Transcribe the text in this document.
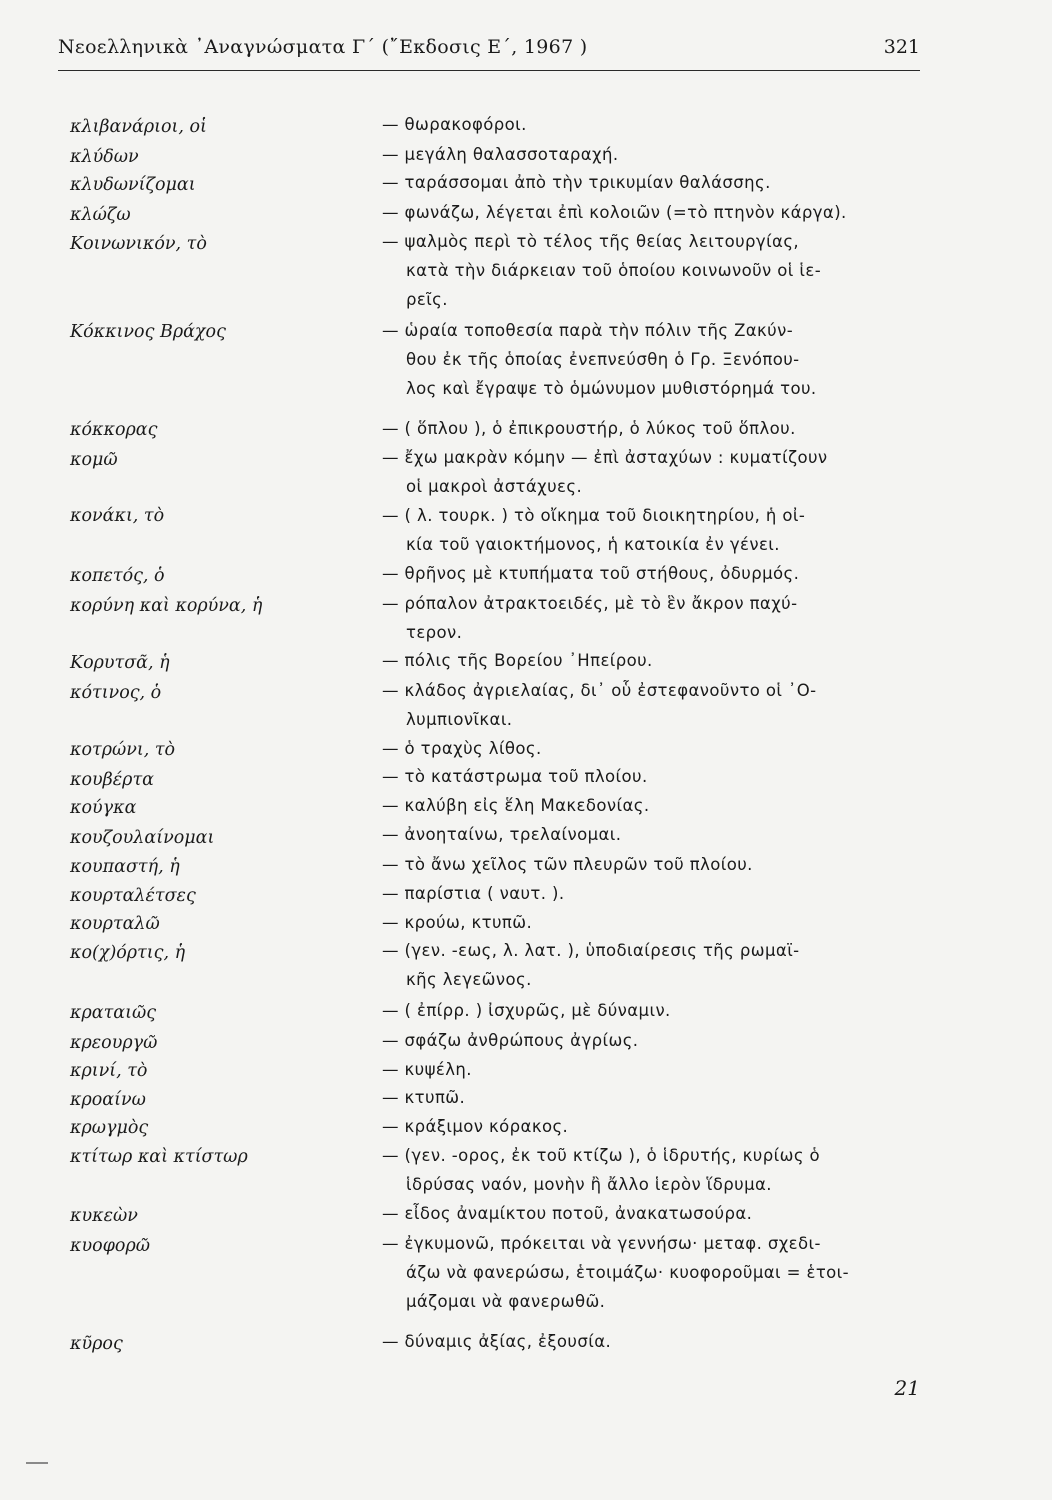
Νεοελληνικὰ ᾿Αναγνώσματα Γ΄ (῎Εκδοσις Ε΄, 1967 )	321
κλιβανάριοι, οἱ	— θωρακοφόροι.
κλύδων	— μεγάλη θαλασσοταραχή.
κλυδωνίζομαι	— ταράσσομαι ἀπὸ τὴν τρικυμίαν θαλάσσης.
κλώζω	— φωνάζω, λέγεται ἐπὶ κολοιῶν (=τὸ πτηνὸν κάργα).
Κοινωνικόν, τὸ	— ψαλμὸς περὶ τὸ τέλος τῆς θείας λειτουργίας,
κατὰ τὴν διάρκειαν τοῦ ὁποίου κοινωνοῦν οἱ ἱε-
ρεῖς.
Κόκκινος Βράχος	— ὡραία τοποθεσία παρὰ τὴν πόλιν τῆς Ζακύν-
θου ἐκ τῆς ὁποίας ἐνεπνεύσθη ὁ Γρ. Ξενόπου-
λος καὶ ἔγραψε τὸ ὁμώνυμον μυθιστόρημά του.
κόκκορας	— ( ὅπλου ), ὁ ἐπικρουστήρ, ὁ λύκος τοῦ ὅπλου.
κομῶ	— ἔχω μακρὰν κόμην — ἐπὶ ἀσταχύων : κυματίζουν
οἱ μακροὶ ἀστάχυες.
κονάκι, τὸ	— ( λ. τουρκ. ) τὸ οἴκημα τοῦ διοικητηρίου, ἡ οἰ-
κία τοῦ γαιοκτήμονος, ἡ κατοικία ἐν γένει.
κοπετός, ὁ	— θρῆνος μὲ κτυπήματα τοῦ στήθους, ὀδυρμός.
κορύνη καὶ κορύνα, ἡ	— ρόπαλον ἀτρακτοειδές, μὲ τὸ ἓν ἄκρον παχύ-
τερον.
Κορυτσᾶ, ἡ	— πόλις τῆς Βορείου ᾿Ηπείρου.
κότινος, ὁ	— κλάδος ἀγριελαίας, δι᾿ οὗ ἐστεφανοῦντο οἱ ᾿Ο-
λυμπιονῖκαι.
κοτρώνι, τὸ	— ὁ τραχὺς λίθος.
κουβέρτα	— τὸ κατάστρωμα τοῦ πλοίου.
κούγκα	— καλύβη εἰς ἕλη Μακεδονίας.
κουζουλαίνομαι	— ἀνοηταίνω, τρελαίνομαι.
κουπαστή, ἡ	— τὸ ἄνω χεῖλος τῶν πλευρῶν τοῦ πλοίου.
κουρταλέτσες	— παρίστια ( ναυτ. ).
κουρταλῶ	— κρούω, κτυπῶ.
κο(χ)όρτις, ἡ	— (γεν. -εως, λ. λατ. ), ὑποδιαίρεσις τῆς ρωμαϊ-
κῆς λεγεῶνος.
κραταιῶς	— ( ἐπίρρ. ) ἰσχυρῶς, μὲ δύναμιν.
κρεουργῶ	— σφάζω ἀνθρώπους ἀγρίως.
κρινί, τὸ	— κυψέλη.
κροαίνω	— κτυπῶ.
κρωγμὸς	— κράξιμον κόρακος.
κτίτωρ καὶ κτίστωρ	— (γεν. -ορος, ἐκ τοῦ κτίζω ), ὁ ἱδρυτής, κυρίως ὁ
ἱδρύσας ναόν, μονὴν ἢ ἄλλο ἱερὸν ἵδρυμα.
κυκεὼν	— εἶδος ἀναμίκτου ποτοῦ, ἀνακατωσούρα.
κυοφορῶ	— ἐγκυμονῶ, πρόκειται νὰ γεννήσω· μεταφ. σχεδι-
άζω νὰ φανερώσω, ἑτοιμάζω· κυοφοροῦμαι = ἑτοι-
μάζομαι νὰ φανερωθῶ.
κῦρος	— δύναμις ἀξίας, ἐξουσία.
21
